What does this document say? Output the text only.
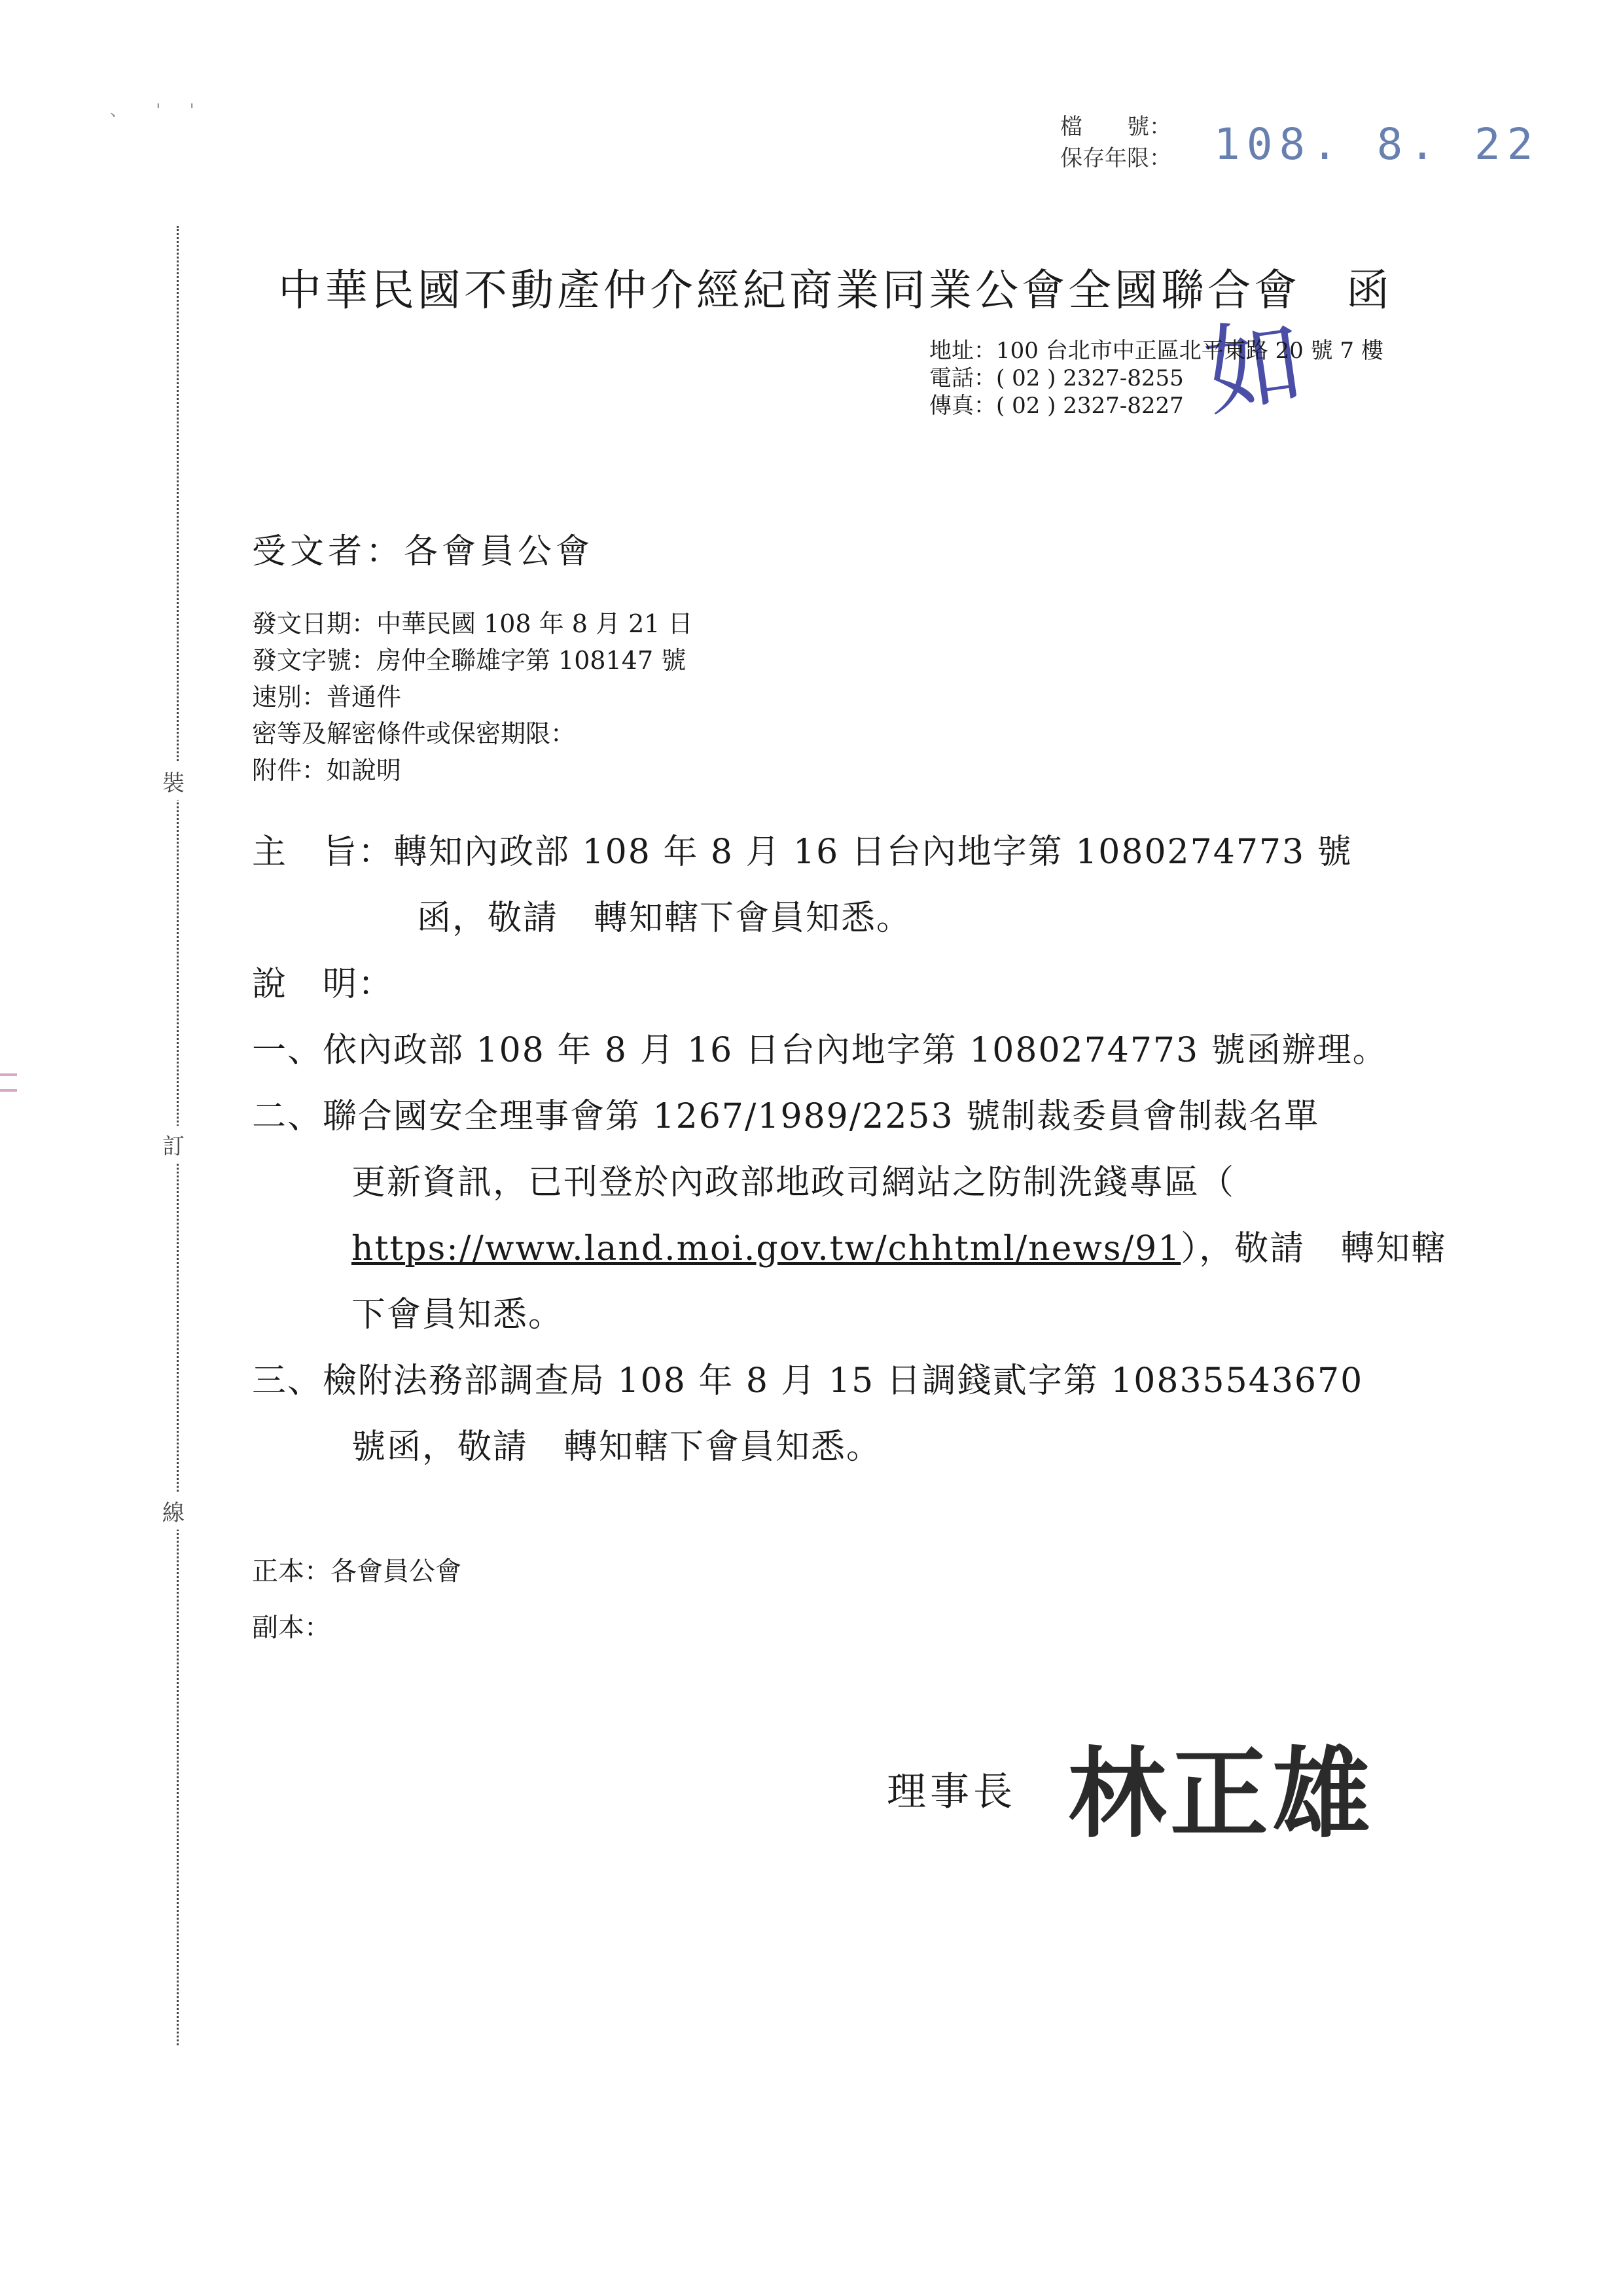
、 ' '
檔　　號：
保存年限： 108. 8. 22
裝
訂
線
中華民國不動產仲介經紀商業同業公會全國聯合會 函
如
地址：100 台北市中正區北平東路 20 號 7 樓
電話：( 02 ) 2327-8255
傳真：( 02 ) 2327-8227
受文者：各會員公會
發文日期：中華民國 108 年 8 月 21 日
發文字號：房仲全聯雄字第 108147 號
速別：普通件
密等及解密條件或保密期限：
附件：如說明
主　旨：轉知內政部 108 年 8 月 16 日台內地字第 1080274773 號
函，敬請　轉知轄下會員知悉。
說　明：
一、依內政部 108 年 8 月 16 日台內地字第 1080274773 號函辦理。
二、聯合國安全理事會第 1267/1989/2253 號制裁委員會制裁名單
更新資訊，已刊登於內政部地政司網站之防制洗錢專區（
https://www.land.moi.gov.tw/chhtml/news/91），敬請　轉知轄
下會員知悉。
三、檢附法務部調查局 108 年 8 月 15 日調錢貳字第 10835543670
號函，敬請　轉知轄下會員知悉。
正本：各會員公會
副本：
理事長 林正雄
